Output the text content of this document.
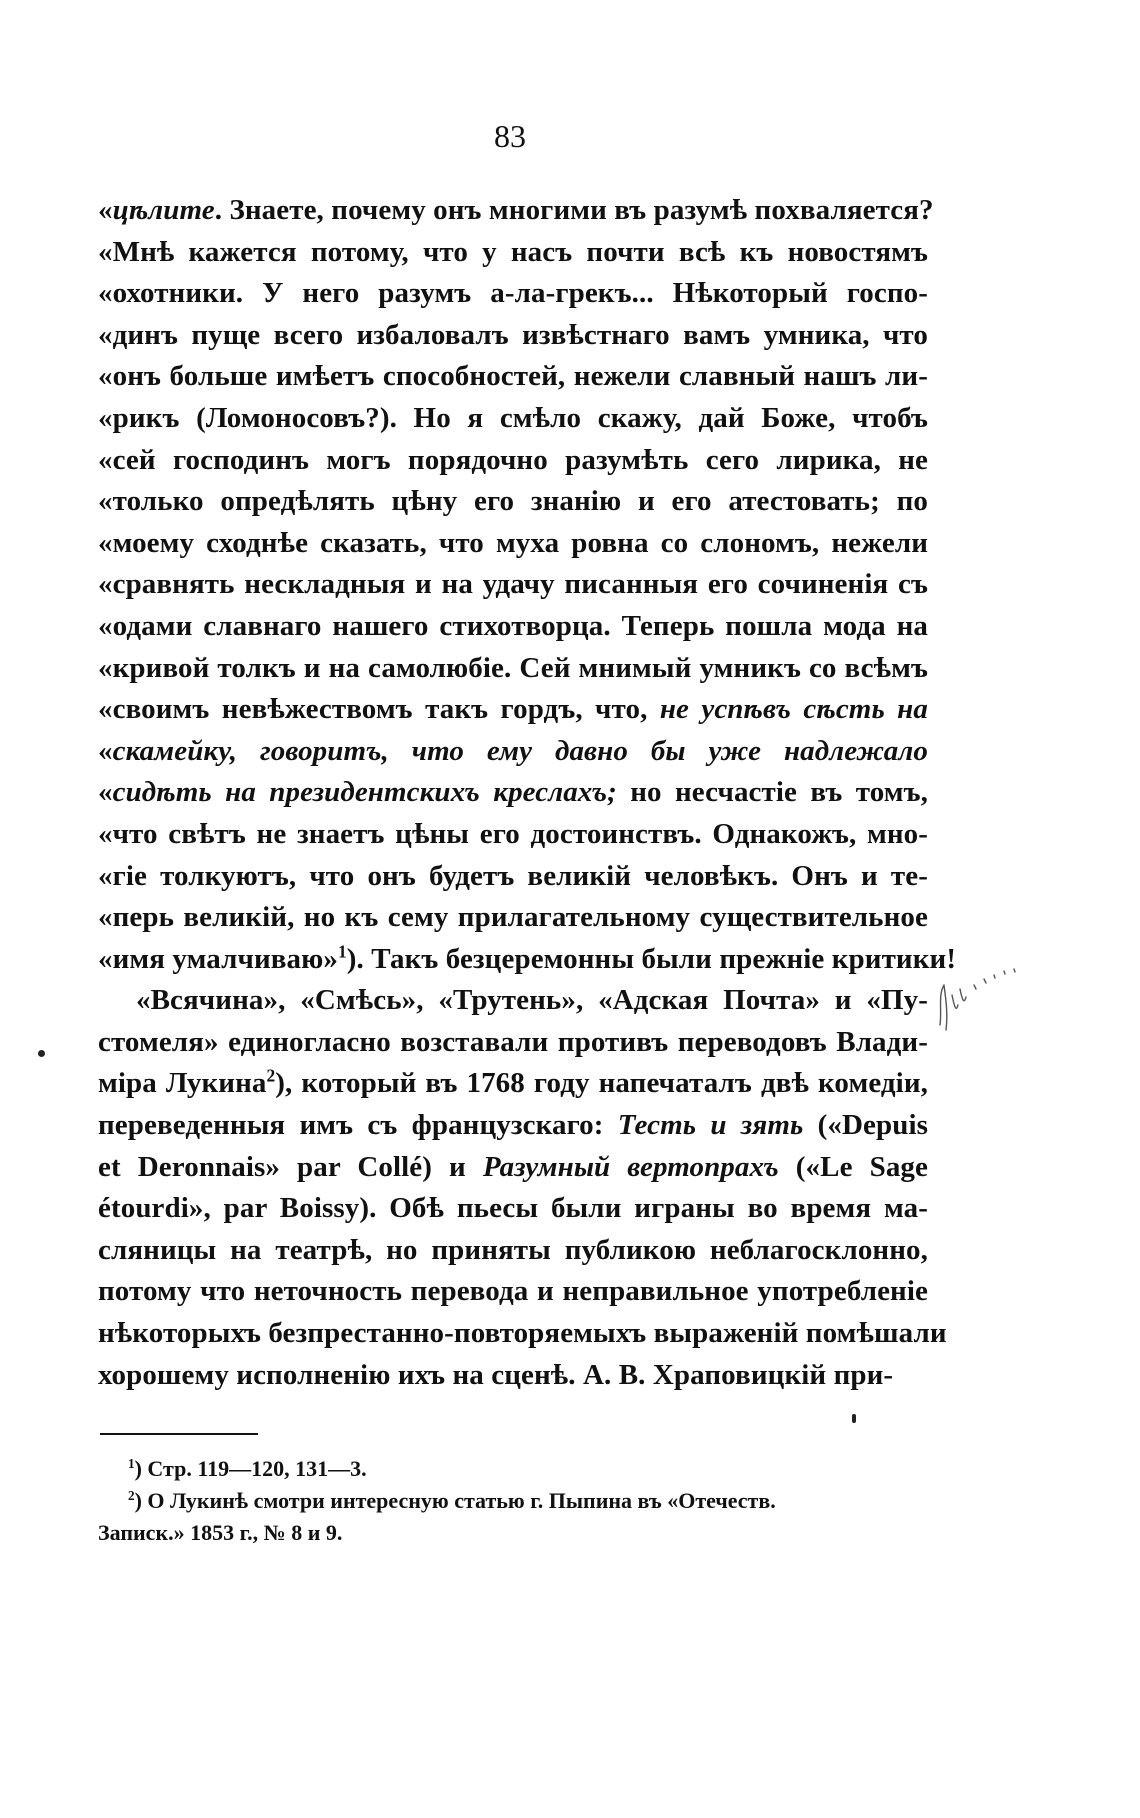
83
«цѣлите. Знаете, почему онъ многими въ разумѣ похваляется?
«Мнѣ кажется потому, что у насъ почти всѣ къ новостямъ
«охотники. У него разумъ а-ла-грекъ... Нѣкоторый госпо-
«динъ пуще всего избаловалъ извѣстнаго вамъ умника, что
«онъ больше имѣетъ способностей, нежели славный нашъ ли-
«рикъ (Ломоносовъ?). Но я смѣло скажу, дай Боже, чтобъ
«сей господинъ могъ порядочно разумѣть сего лирика, не
«только опредѣлять цѣну его знанію и его атестовать; по
«моему сходнѣе сказать, что муха ровна со слономъ, нежели
«сравнять нескладныя и на удачу писанныя его сочиненія съ
«одами славнаго нашего стихотворца. Теперь пошла мода на
«кривой толкъ и на самолюбіе. Сей мнимый умникъ со всѣмъ
«своимъ невѣжествомъ такъ гордъ, что, не успѣвъ сѣсть на
«скамейку, говоритъ, что ему давно бы уже надлежало
«сидѣть на президентскихъ креслахъ; но несчастіе въ томъ,
«что свѣтъ не знаетъ цѣны его достоинствъ. Однакожъ, мно-
«гіе толкуютъ, что онъ будетъ великій человѣкъ. Онъ и те-
«перь великій, но къ сему прилагательному существительное
«имя умалчиваю»$^1$). Такъ безцеремонны были прежніе критики!
«Всячина», «Смѣсь», «Трутень», «Адская Почта» и «Пу-
стомеля» единогласно возставали противъ переводовъ Влади-
міра Лукина$^2$), который въ 1768 году напечаталъ двѣ комедіи,
переведенныя имъ съ французскаго: Тесть и зять («Depuis
et Deronnais» par Collé) и Разумный вертопрахъ («Le Sage
étourdi», par Boissy). Обѣ пьесы были играны во время ма-
сляницы на театрѣ, но приняты публикою неблагосклонно,
потому что неточность перевода и неправильное употребленіе
нѣкоторыхъ безпрестанно-повторяемыхъ выраженій помѣшали
хорошему исполненію ихъ на сценѣ. А. В. Храповицкій при-
$^1$) Стр. 119—120, 131—3.
$^2$) О Лукинѣ смотри интересную статью г. Пыпина въ «Отечеств.
Записк.» 1853 г., № 8 и 9.
